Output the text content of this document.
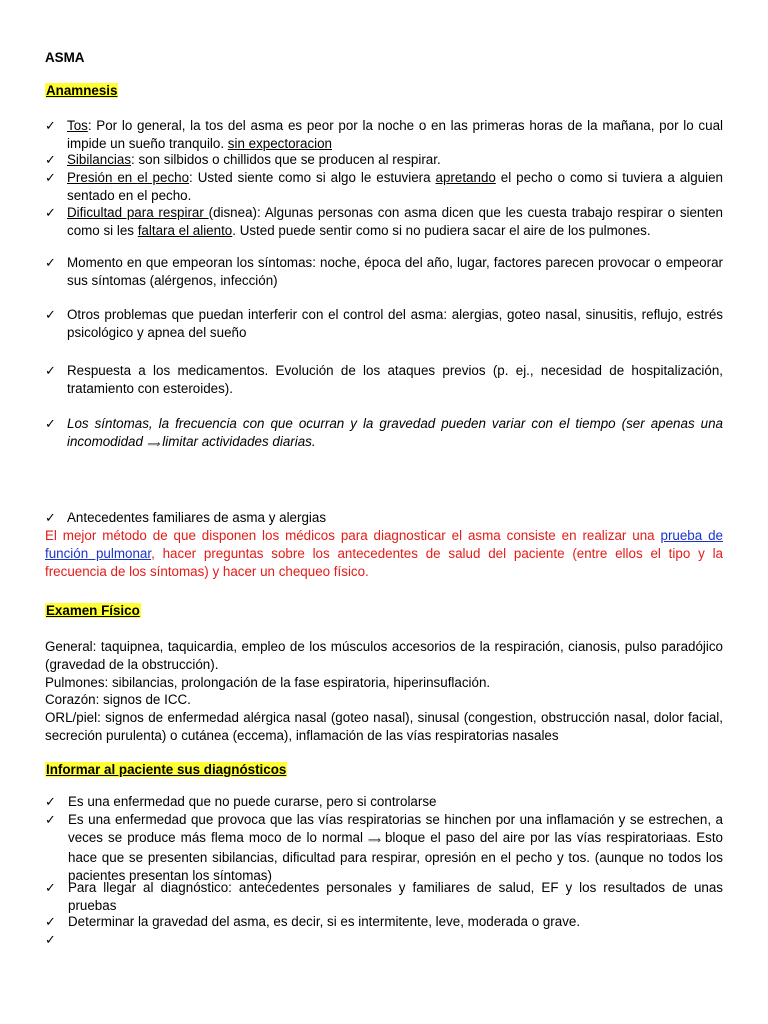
ASMA
Anamnesis
✓ Tos: Por lo general, la tos del asma es peor por la noche o en las primeras horas de la mañana, por lo cual impide un sueño tranquilo. sin expectoracion
✓ Sibilancias: son silbidos o chillidos que se producen al respirar.
✓ Presión en el pecho: Usted siente como si algo le estuviera apretando el pecho o como si tuviera a alguien sentado en el pecho.
✓ Dificultad para respirar (disnea): Algunas personas con asma dicen que les cuesta trabajo respirar o sienten como si les faltara el aliento. Usted puede sentir como si no pudiera sacar el aire de los pulmones.
✓ Momento en que empeoran los síntomas: noche, época del año, lugar, factores parecen provocar o empeorar sus síntomas (alérgenos, infección)
✓ Otros problemas que puedan interferir con el control del asma: alergias, goteo nasal, sinusitis, reflujo, estrés psicológico y apnea del sueño
✓ Respuesta a los medicamentos. Evolución de los ataques previos (p. ej., necesidad de hospitalización, tratamiento con esteroides).
✓ Los síntomas, la frecuencia con que ocurran y la gravedad pueden variar con el tiempo (ser apenas una incomodidad ⟹ limitar actividades diarias.
✓ Antecedentes familiares de asma y alergias
El mejor método de que disponen los médicos para diagnosticar el asma consiste en realizar una prueba de función pulmonar, hacer preguntas sobre los antecedentes de salud del paciente (entre ellos el tipo y la frecuencia de los síntomas) y hacer un chequeo físico.
Examen Físico
General: taquipnea, taquicardia, empleo de los músculos accesorios de la respiración, cianosis, pulso paradójico (gravedad de la obstrucción).
Pulmones: sibilancias, prolongación de la fase espiratoria, hiperinsuflación.
Corazón: signos de ICC.
ORL/piel: signos de enfermedad alérgica nasal (goteo nasal), sinusal (congestion, obstrucción nasal, dolor facial, secreción purulenta) o cutánea (eccema), inflamación de las vías respiratorias nasales
Informar al paciente sus diagnósticos
✓ Es una enfermedad que no puede curarse, pero si controlarse
✓ Es una enfermedad que provoca que las vías respiratorias se hinchen por una inflamación y se estrechen, a veces se produce más flema moco de lo normal ⟹ bloque el paso del aire por las vías respiratoriaas. Esto hace que se presenten sibilancias, dificultad para respirar, opresión en el pecho y tos. (aunque no todos los pacientes presentan los síntomas)
✓ Para llegar al diagnóstico: antecedentes personales y familiares de salud, EF y los resultados de unas pruebas
✓ Determinar la gravedad del asma, es decir, si es intermitente, leve, moderada o grave.
✓
